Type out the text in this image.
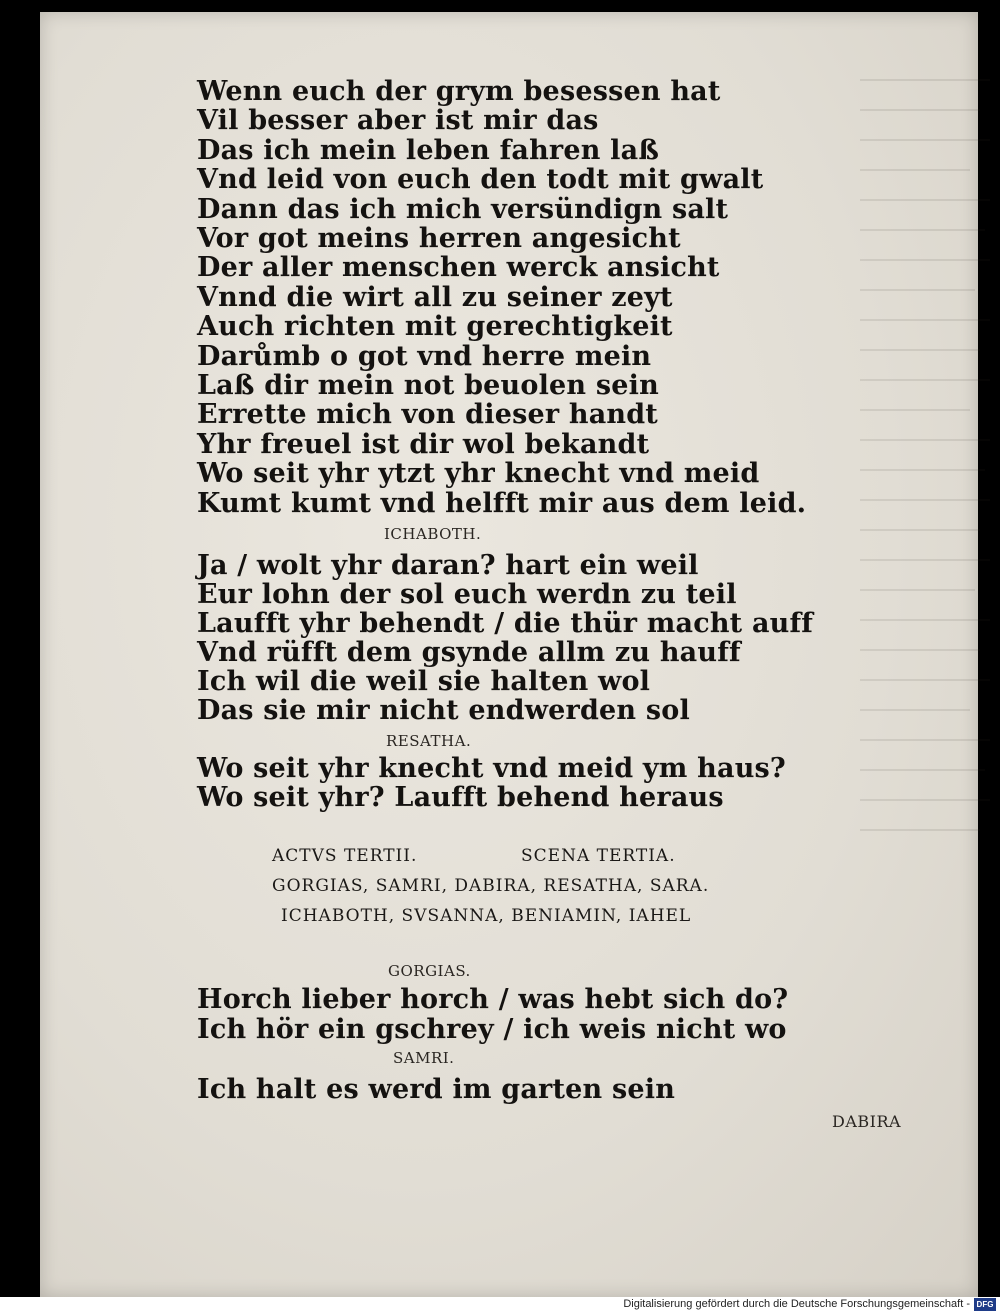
Wenn euch der grym besessen hat
Vil besser aber ist mir das
Das ich mein leben fahren laß
Vnd leid von euch den todt mit gwalt
Dann das ich mich versündign salt
Vor got meins herren angesicht
Der aller menschen werck ansicht
Vnnd die wirt all zu seiner zeyt
Auch richten mit gerechtigkeit
Darůmb o got vnd herre mein
Laß dir mein not beuolen sein
Errette mich von dieser handt
Yhr freuel ist dir wol bekandt
Wo seit yhr ytzt yhr knecht vnd meid
Kumt kumt vnd helfft mir aus dem leid.
ICHABOTH.
Ja / wolt yhr daran? hart ein weil
Eur lohn der sol euch werdn zu teil
Laufft yhr behendt / die thür macht auff
Vnd rüfft dem gsynde allm zu hauff
Ich wil die weil sie halten wol
Das sie mir nicht endwerden sol
RESATHA.
Wo seit yhr knecht vnd meid ym haus?
Wo seit yhr? Laufft behend heraus
ACTVS TERTII.	SCENA TERTIA.
GORGIAS, SAMRI, DABIRA, RESATHA, SARA.
ICHABOTH, SVSANNA, BENIAMIN, IAHEL
GORGIAS.
Horch lieber horch / was hebt sich do?
Ich hör ein gschrey / ich weis nicht wo
SAMRI.
Ich halt es werd im garten sein
DABIRA
Digitalisierung gefördert durch die Deutsche Forschungsgemeinschaft - DFG
